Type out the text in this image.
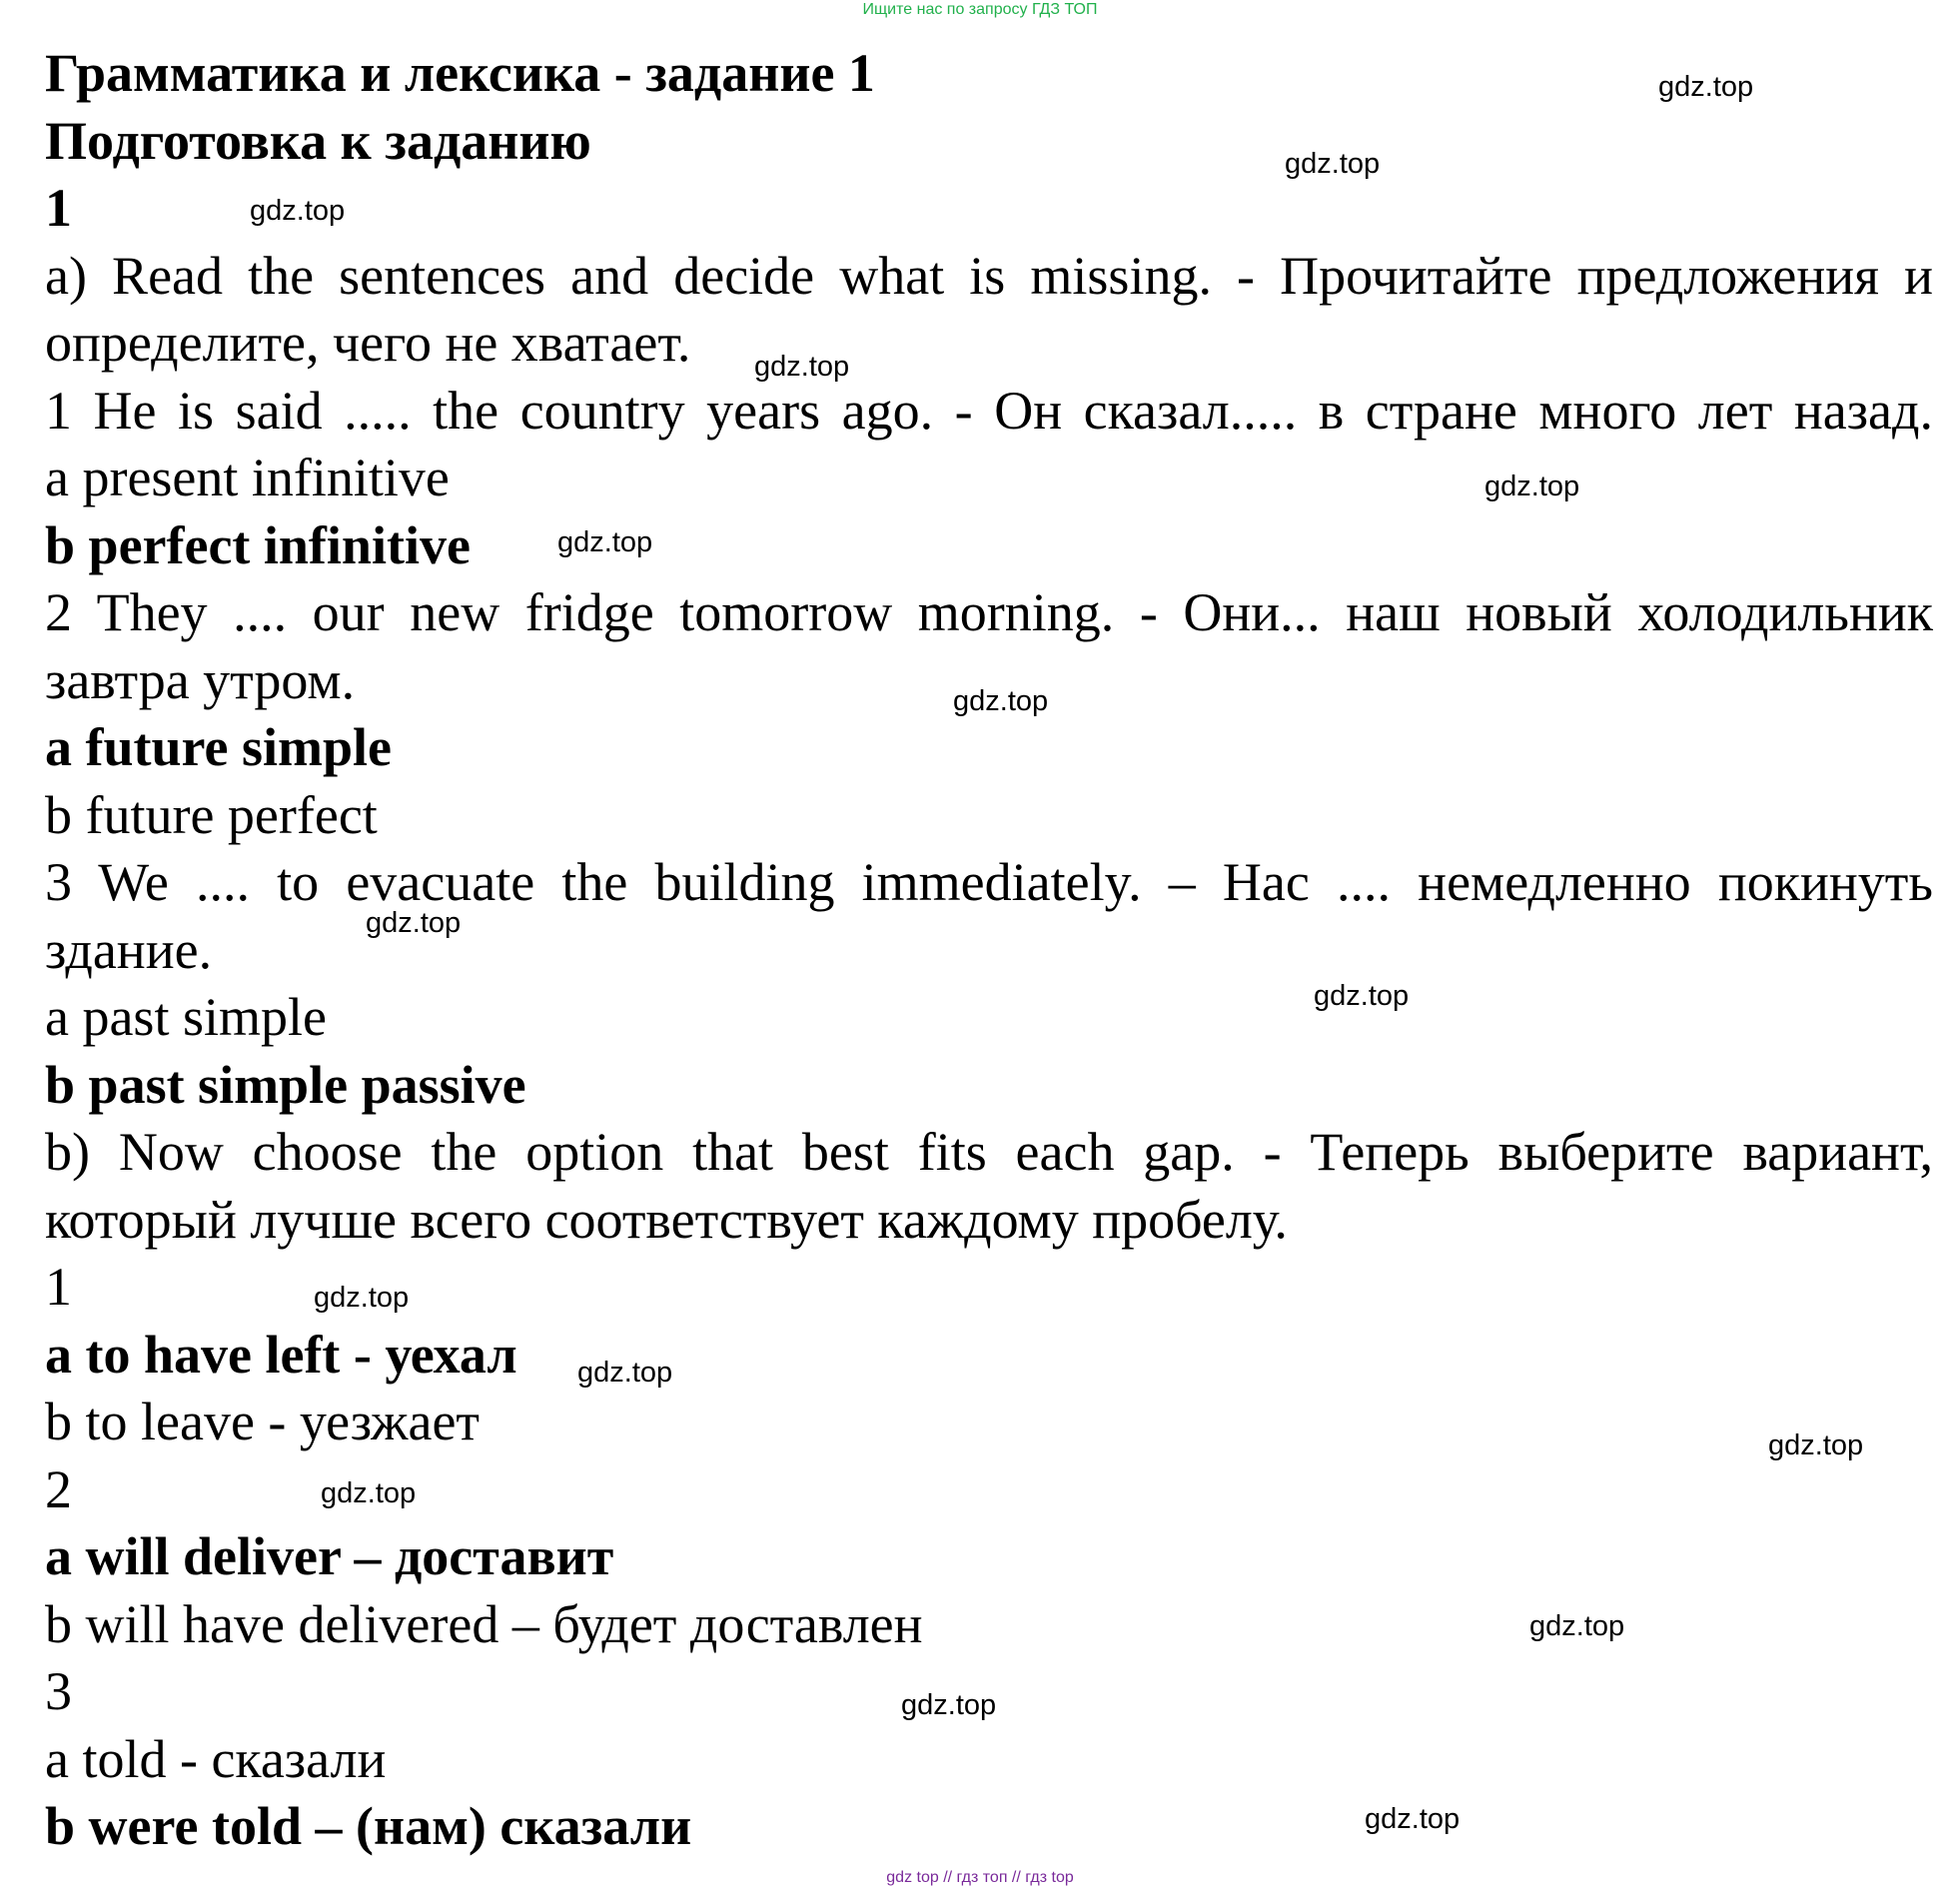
Ищите нас по запросу ГДЗ ТОП
Грамматика и лексика - задание 1
Подготовка к заданию
1
a) Read the sentences and decide what is missing. - Прочитайте предложения и
определите, чего не хватает.
1 He is said ..... the country years ago. - Он сказал..... в стране много лет назад.
a present infinitive
b perfect infinitive
2 They .... our new fridge tomorrow morning. - Они... наш новый холодильник
завтра утром.
a future simple
b future perfect
3 We .... to evacuate the building immediately. – Нас .... немедленно покинуть
здание.
a past simple
b past simple passive
b) Now choose the option that best fits each gap. - Теперь выберите вариант,
который лучше всего соответствует каждому пробелу.
1
a to have left - уехал
b to leave - уезжает
2
a will deliver – доставит
b will have delivered – будет доставлен
3
a told - сказали
b were told – (нам) сказали
gdz.top
gdz.top
gdz.top
gdz.top
gdz.top
gdz.top
gdz.top
gdz.top
gdz.top
gdz.top
gdz.top
gdz.top
gdz.top
gdz.top
gdz.top
gdz.top
gdz top // гдз топ // гдз top
